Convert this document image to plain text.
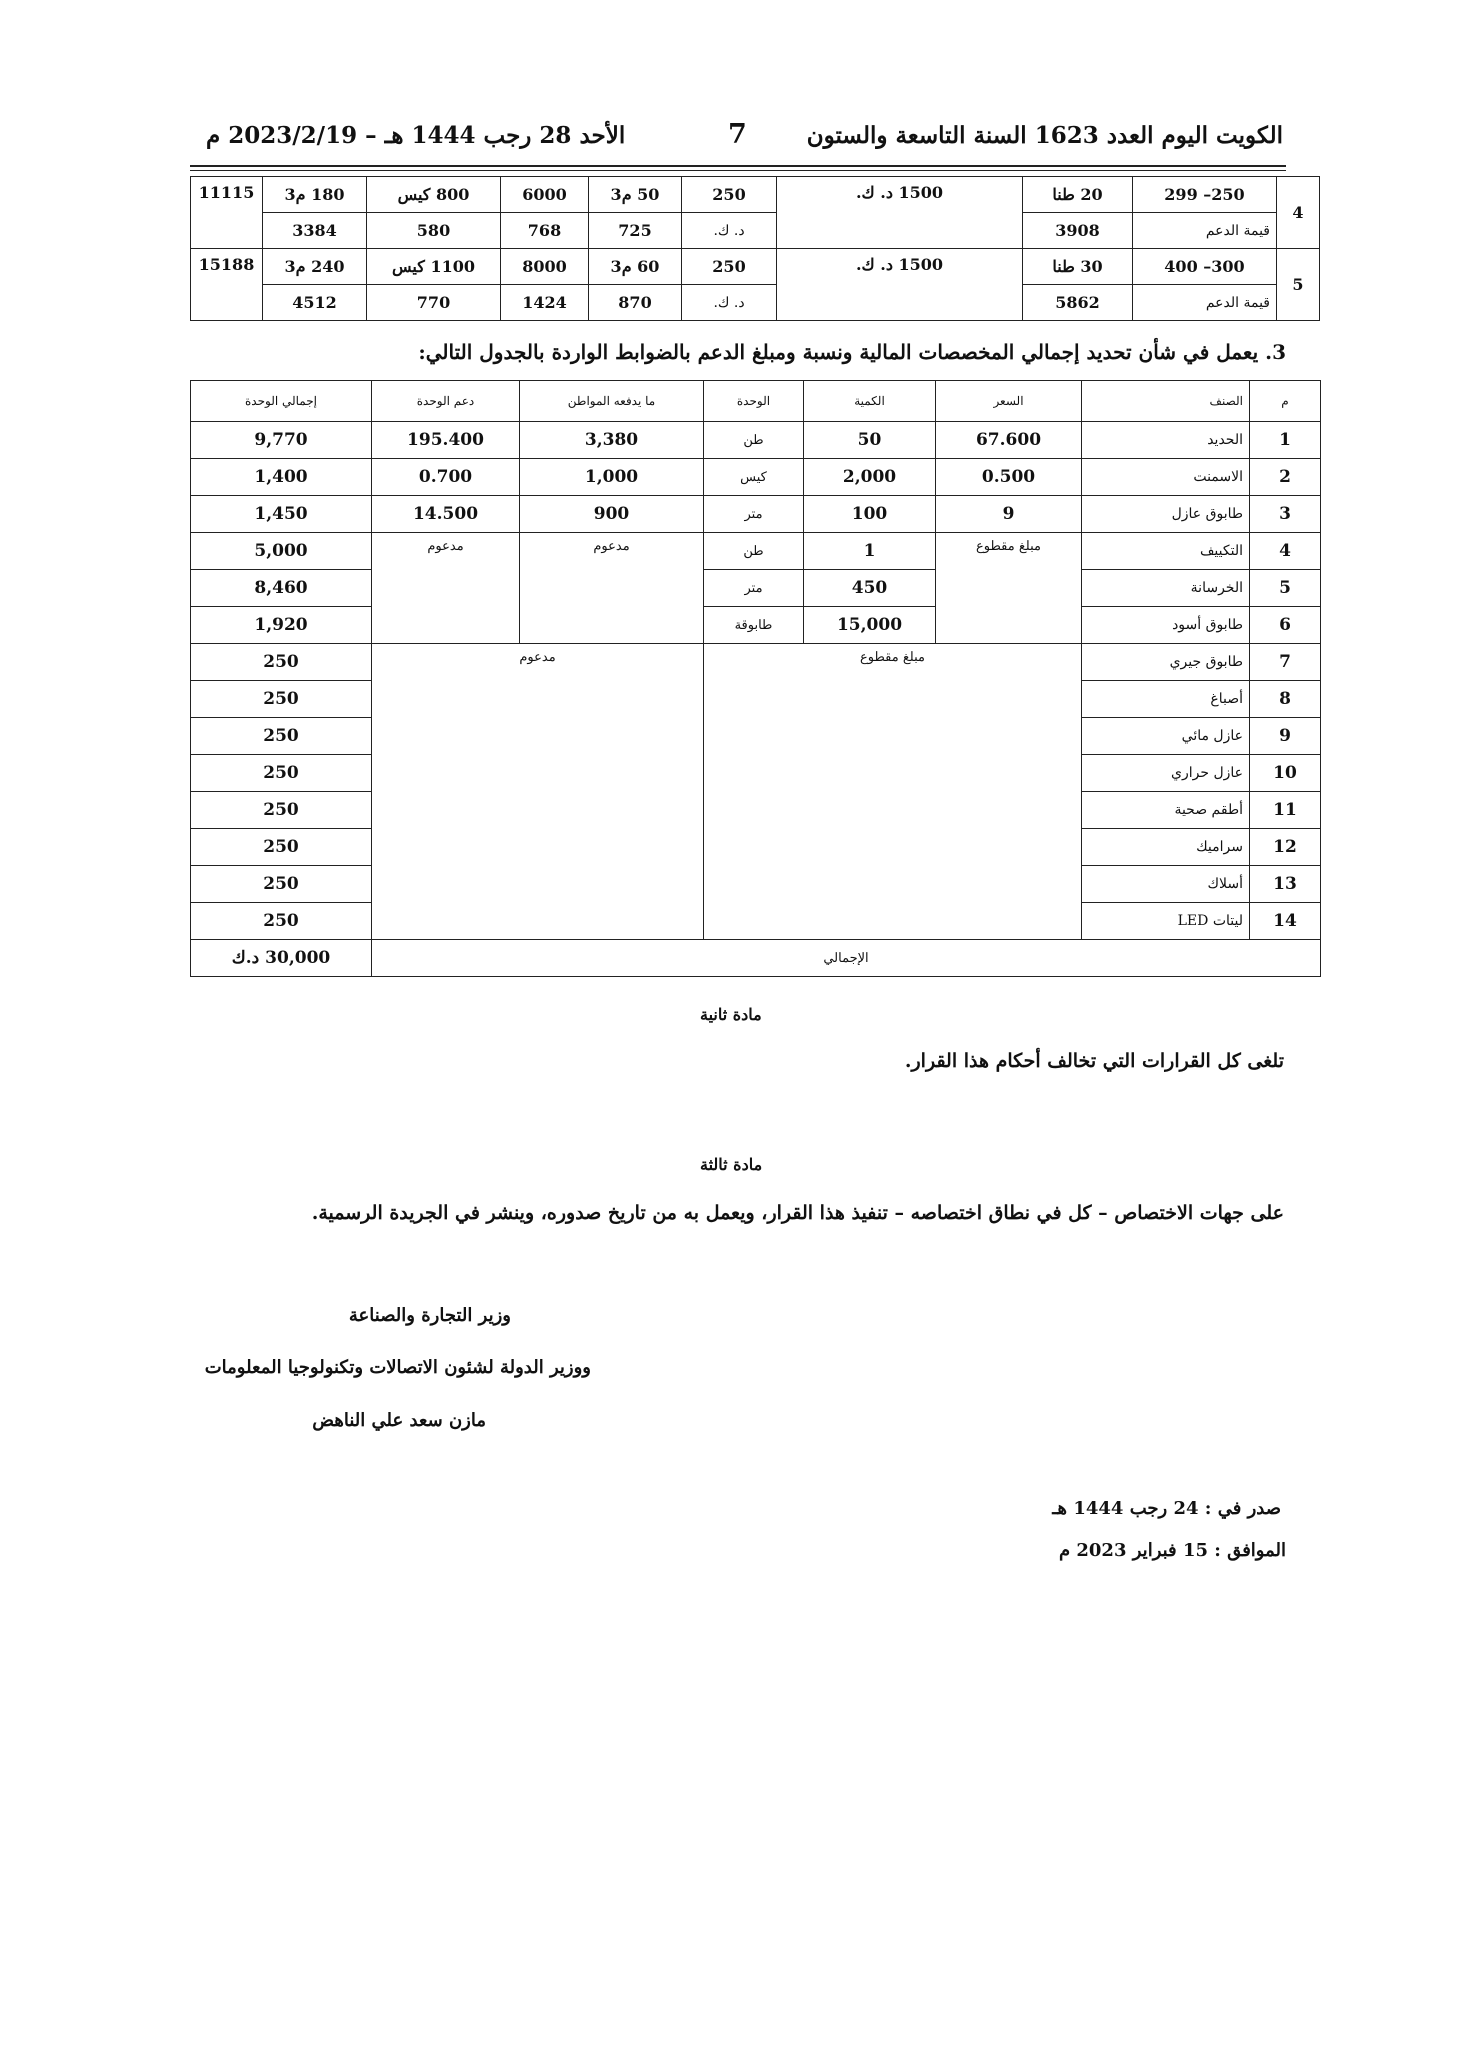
الكويت اليوم العدد 1623 السنة التاسعة والستون
7
الأحد 28 رجب 1444 هـ – 2023/2/19 م
4	250– 299	20 طنا	1500 د. ك.	250	50 م3	6000	800 كيس	180 م3	11115
	قيمة الدعم	3908		د. ك.	725	768	580	3384	
5	300– 400	30 طنا	1500 د. ك.	250	60 م3	8000	1100 كيس	240 م3	15188
	قيمة الدعم	5862		د. ك.	870	1424	770	4512	
3. يعمل في شأن تحديد إجمالي المخصصات المالية ونسبة ومبلغ الدعم بالضوابط الواردة بالجدول التالي:
م	الصنف	السعر	الكمية	الوحدة	ما يدفعه المواطن	دعم الوحدة	إجمالي الوحدة
1	الحديد	67.600	50	طن	3,380	195.400	9,770
2	الاسمنت	0.500	2,000	كيس	1,000	0.700	1,400
3	طابوق عازل	9	100	متر	900	14.500	1,450
4	التكييف	مبلغ مقطوع	1	طن	مدعوم	مدعوم	5,000
5	الخرسانة		450	متر			8,460
6	طابوق أسود		15,000	طابوقة			1,920
7	طابوق جيري	مبلغ مقطوع			مدعوم		250
8	أصباغ						250
9	عازل مائي						250
10	عازل حراري						250
11	أطقم صحية						250
12	سراميك						250
13	أسلاك						250
14	ليتات LED						250
الإجمالي							30,000 د.ك
مادة ثانية
تلغى كل القرارات التي تخالف أحكام هذا القرار.
مادة ثالثة
على جهات الاختصاص – كل في نطاق اختصاصه – تنفيذ هذا القرار، ويعمل به من تاريخ صدوره، وينشر في الجريدة الرسمية.
وزير التجارة والصناعة
ووزير الدولة لشئون الاتصالات وتكنولوجيا المعلومات
مازن سعد علي الناهض
صدر في : 24 رجب 1444 هـ
الموافق : 15 فبراير 2023 م
